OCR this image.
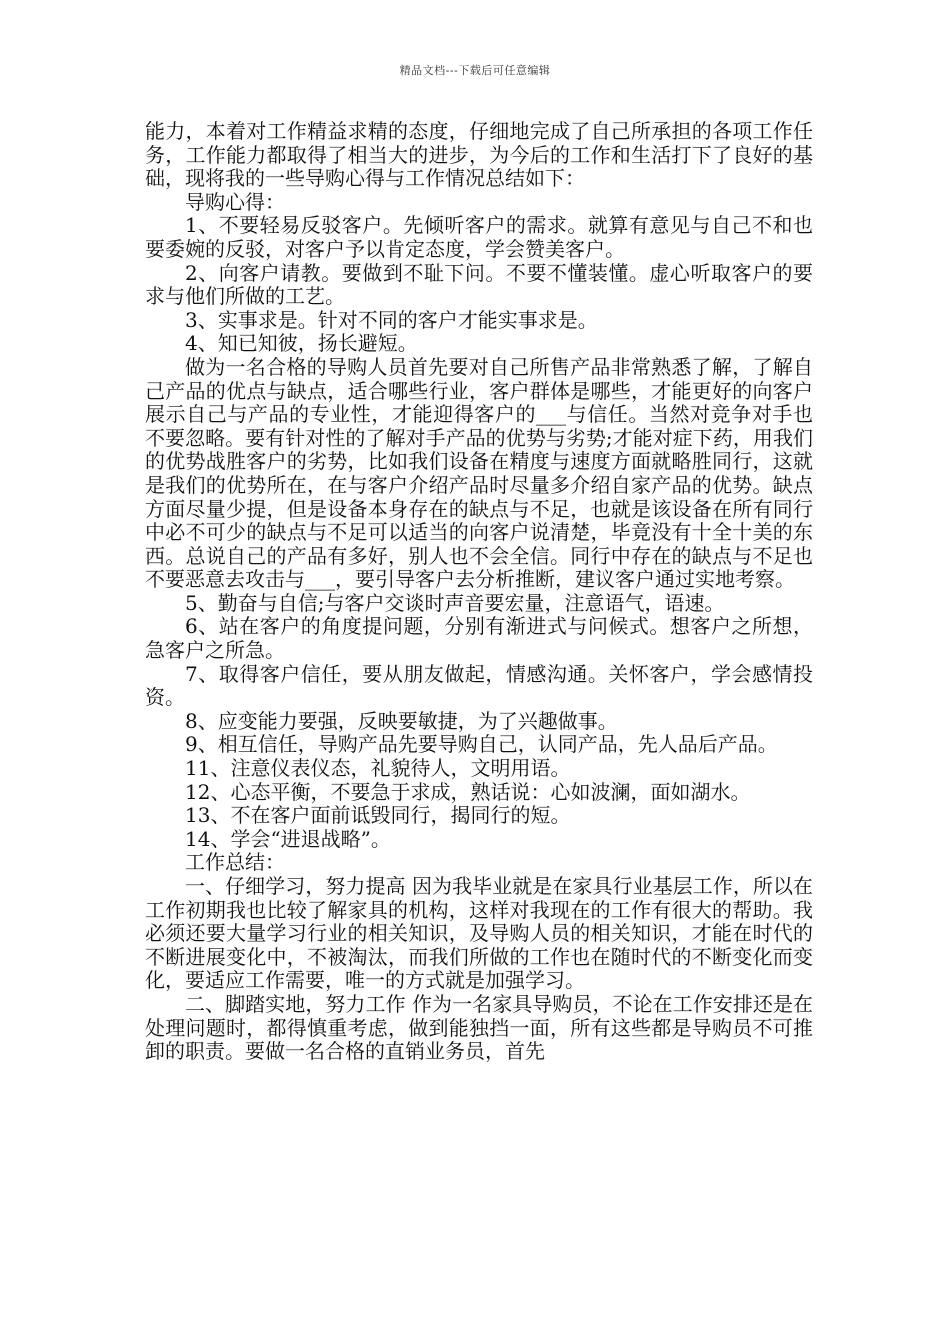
精品文档---下载后可任意编辑

能力，本着对工作精益求精的态度，仔细地完成了自己所承担的各项工作任务，工作能力都取得了相当大的进步，为今后的工作和生活打下了良好的基础，现将我的一些导购心得与工作情况总结如下：

导购心得：

1、不要轻易反驳客户。先倾听客户的需求。就算有意见与自己不和也要委婉的反驳，对客户予以肯定态度，学会赞美客户。

2、向客户请教。要做到不耻下问。不要不懂装懂。虚心听取客户的要求与他们所做的工艺。

3、实事求是。针对不同的客户才能实事求是。

4、知已知彼，扬长避短。

做为一名合格的导购人员首先要对自己所售产品非常熟悉了解，了解自己产品的优点与缺点，适合哪些行业，客户群体是哪些，才能更好的向客户展示自己与产品的专业性，才能迎得客户的___与信任。当然对竞争对手也不要忽略。要有针对性的了解对手产品的优势与劣势;才能对症下药，用我们的优势战胜客户的劣势，比如我们设备在精度与速度方面就略胜同行，这就是我们的优势所在，在与客户介绍产品时尽量多介绍自家产品的优势。缺点方面尽量少提，但是设备本身存在的缺点与不足，也就是该设备在所有同行中必不可少的缺点与不足可以适当的向客户说清楚，毕竟没有十全十美的东西。总说自己的产品有多好，别人也不会全信。同行中存在的缺点与不足也不要恶意去攻击与___，要引导客户去分析推断，建议客户通过实地考察。

5、勤奋与自信;与客户交谈时声音要宏量，注意语气，语速。

6、站在客户的角度提问题，分别有渐进式与问候式。想客户之所想，急客户之所急。

7、取得客户信任，要从朋友做起，情感沟通。关怀客户，学会感情投资。

8、应变能力要强，反映要敏捷，为了兴趣做事。

9、相互信任，导购产品先要导购自己，认同产品，先人品后产品。

11、注意仪表仪态，礼貌待人，文明用语。

12、心态平衡，不要急于求成，熟话说：心如波澜，面如湖水。

13、不在客户面前诋毁同行，揭同行的短。

14、学会“进退战略”。

工作总结：

一、仔细学习，努力提高 因为我毕业就是在家具行业基层工作，所以在工作初期我也比较了解家具的机构，这样对我现在的工作有很大的帮助。我必须还要大量学习行业的相关知识，及导购人员的相关知识，才能在时代的不断进展变化中，不被淘汰，而我们所做的工作也在随时代的不断变化而变化，要适应工作需要，唯一的方式就是加强学习。

二、脚踏实地，努力工作 作为一名家具导购员，不论在工作安排还是在处理问题时，都得慎重考虑，做到能独挡一面，所有这些都是导购员不可推卸的职责。要做一名合格的直销业务员，首先
